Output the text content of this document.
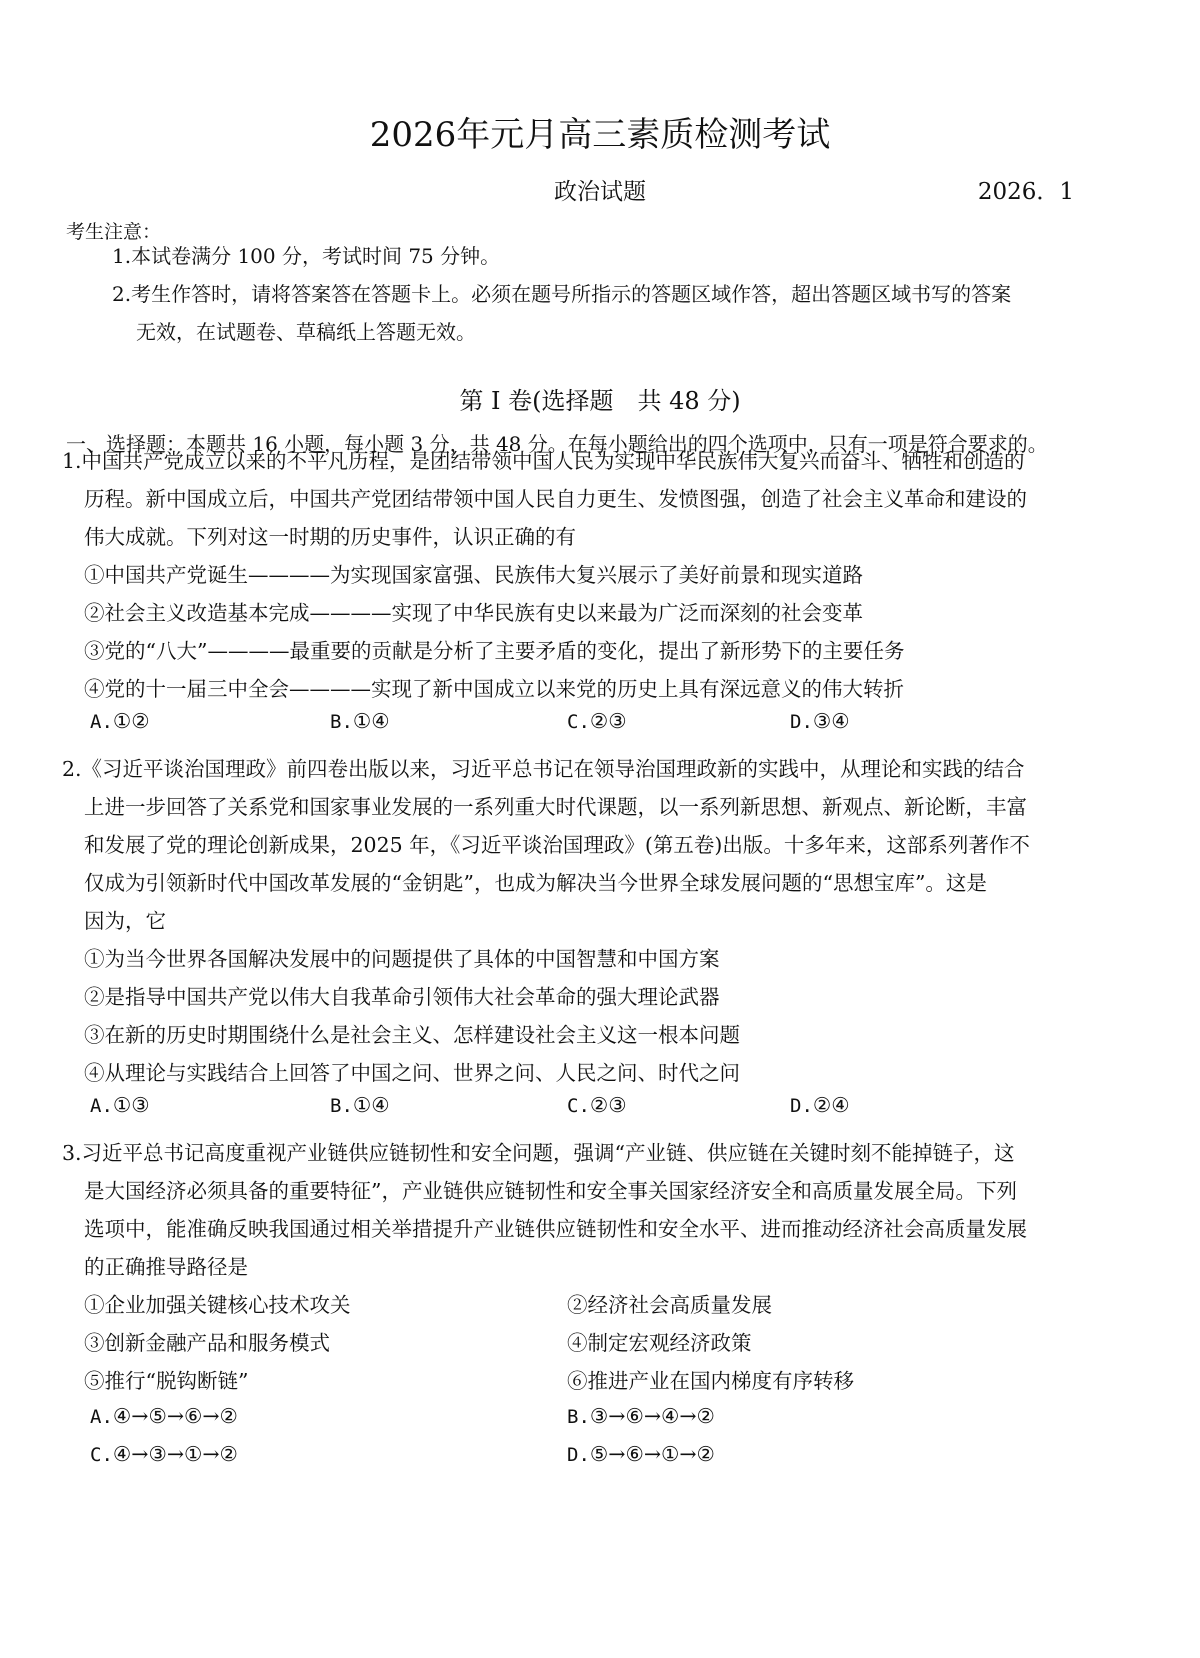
2026年元月高三素质检测考试
政治试题	2026．1
考生注意：
1.本试卷满分 100 分，考试时间 75 分钟。
2.考生作答时，请将答案答在答题卡上。必须在题号所指示的答题区域作答，超出答题区域书写的答案
无效，在试题卷、草稿纸上答题无效。
第 Ⅰ 卷(选择题　共 48 分)
一、选择题：本题共 16 小题，每小题 3 分，共 48 分。在每小题给出的四个选项中，只有一项是符合要求的。
1.中国共产党成立以来的不平凡历程，是团结带领中国人民为实现中华民族伟大复兴而奋斗、牺牲和创造的
历程。新中国成立后，中国共产党团结带领中国人民自力更生、发愤图强，创造了社会主义革命和建设的
伟大成就。下列对这一时期的历史事件，认识正确的有
①中国共产党诞生————为实现国家富强、民族伟大复兴展示了美好前景和现实道路
②社会主义改造基本完成————实现了中华民族有史以来最为广泛而深刻的社会变革
③党的“八大”————最重要的贡献是分析了主要矛盾的变化，提出了新形势下的主要任务
④党的十一届三中全会————实现了新中国成立以来党的历史上具有深远意义的伟大转折
A.①②	B.①④	C.②③	D.③④
2.《习近平谈治国理政》前四卷出版以来，习近平总书记在领导治国理政新的实践中，从理论和实践的结合
上进一步回答了关系党和国家事业发展的一系列重大时代课题，以一系列新思想、新观点、新论断，丰富
和发展了党的理论创新成果，2025 年，《习近平谈治国理政》(第五卷)出版。十多年来，这部系列著作不
仅成为引领新时代中国改革发展的“金钥匙”，也成为解决当今世界全球发展问题的“思想宝库”。这是
因为，它
①为当今世界各国解决发展中的问题提供了具体的中国智慧和中国方案
②是指导中国共产党以伟大自我革命引领伟大社会革命的强大理论武器
③在新的历史时期围绕什么是社会主义、怎样建设社会主义这一根本问题
④从理论与实践结合上回答了中国之问、世界之问、人民之问、时代之问
A.①③	B.①④	C.②③	D.②④
3.习近平总书记高度重视产业链供应链韧性和安全问题，强调“产业链、供应链在关键时刻不能掉链子，这
是大国经济必须具备的重要特征”，产业链供应链韧性和安全事关国家经济安全和高质量发展全局。下列
选项中，能准确反映我国通过相关举措提升产业链供应链韧性和安全水平、进而推动经济社会高质量发展
的正确推导路径是
①企业加强关键核心技术攻关	②经济社会高质量发展
③创新金融产品和服务模式	④制定宏观经济政策
⑤推行“脱钩断链”	⑥推进产业在国内梯度有序转移
A.④→⑤→⑥→②	B.③→⑥→④→②
C.④→③→①→②	D.⑤→⑥→①→②
